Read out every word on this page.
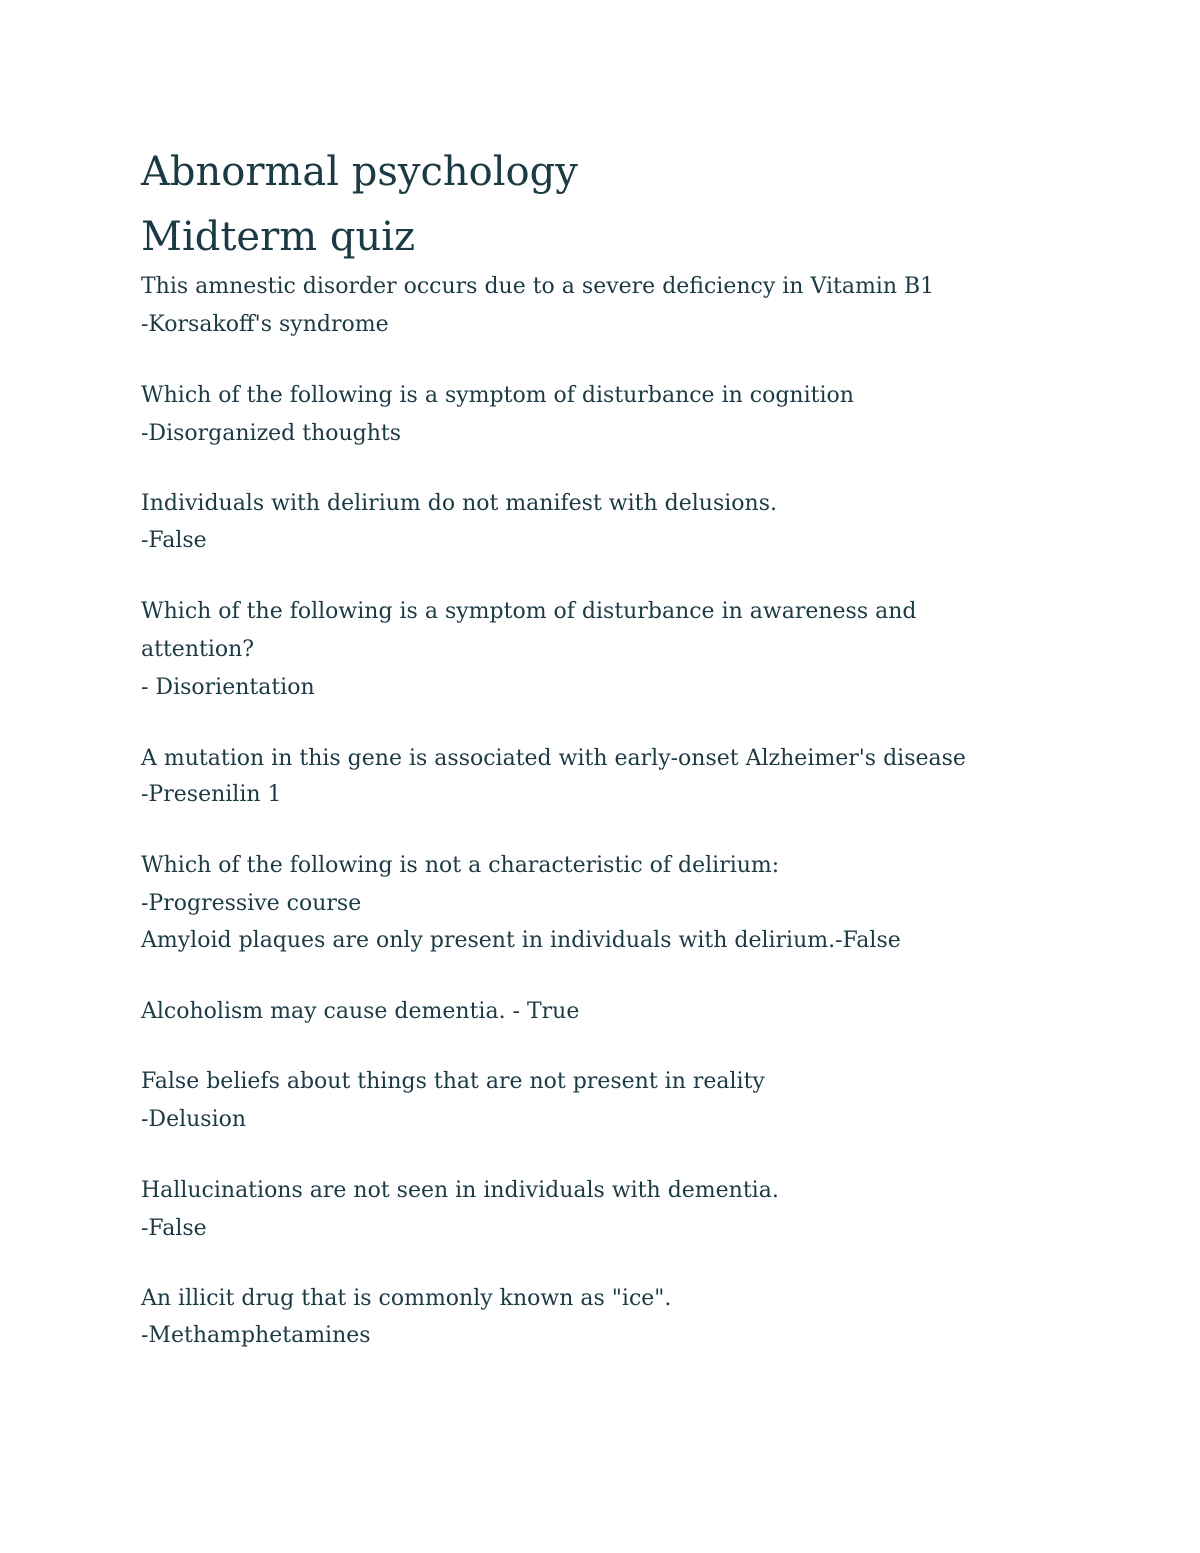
Abnormal psychology
Midterm quiz

This amnestic disorder occurs due to a severe deficiency in Vitamin B1

-Korsakoff's syndrome

Which of the following is a symptom of disturbance in cognition

-Disorganized thoughts

Individuals with delirium do not manifest with delusions.

-False

Which of the following is a symptom of disturbance in awareness and

attention?

- Disorientation

A mutation in this gene is associated with early-onset Alzheimer's disease

-Presenilin 1

Which of the following is not a characteristic of delirium:

-Progressive course

Amyloid plaques are only present in individuals with delirium.-False

Alcoholism may cause dementia. - True

False beliefs about things that are not present in reality

-Delusion

Hallucinations are not seen in individuals with dementia.

-False

An illicit drug that is commonly known as "ice".

-Methamphetamines
